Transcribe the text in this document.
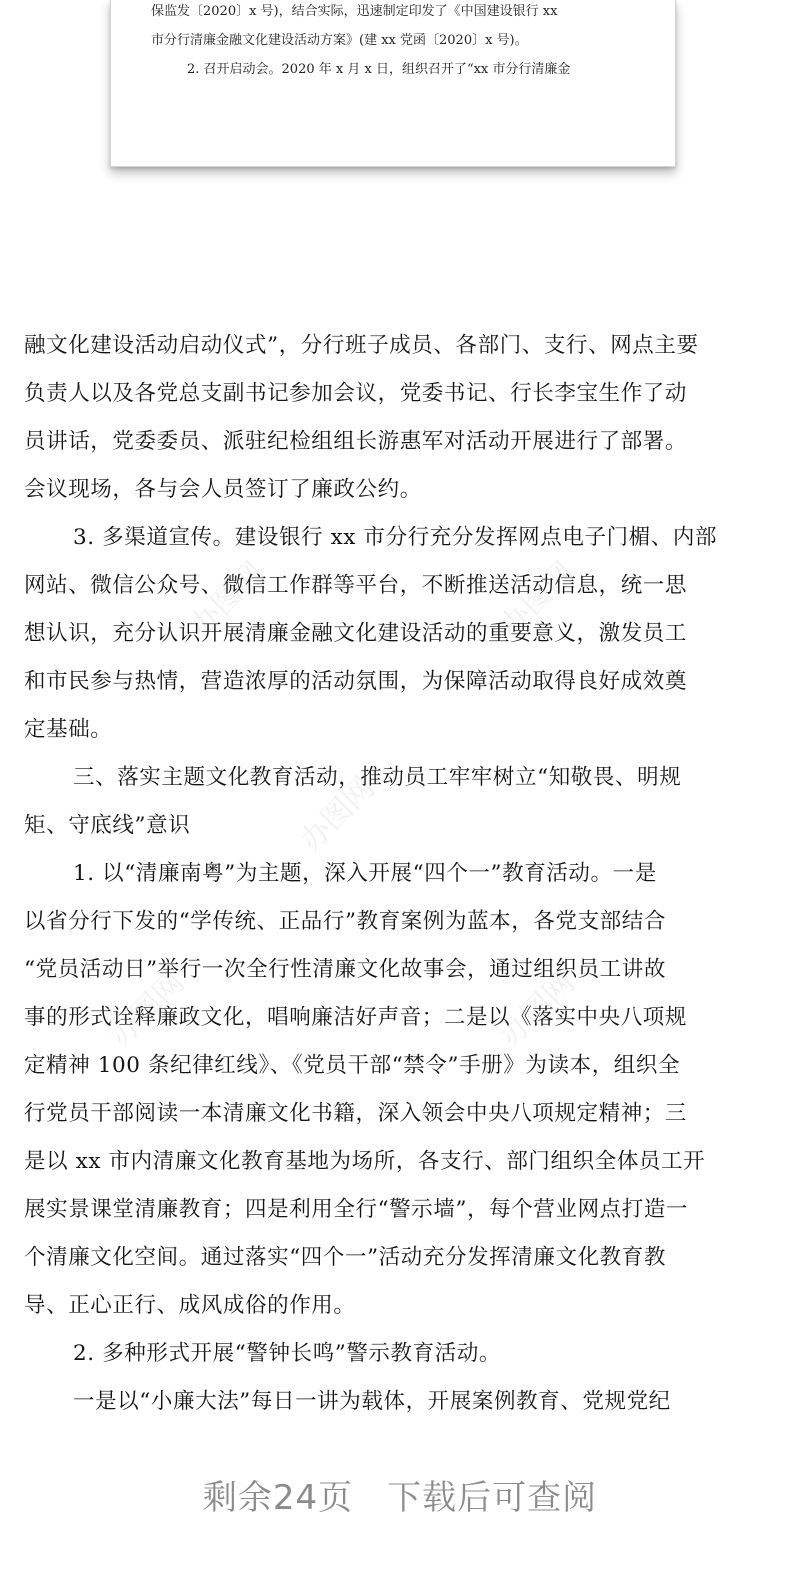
保监发〔2020〕x 号)，结合实际，迅速制定印发了《中国建设银行 xx
市分行清廉金融文化建设活动方案》(建 xx 党函〔2020〕x 号)。
2. 召开启动会。2020 年 x 月 x 日，组织召开了“xx 市分行清廉金
融文化建设活动启动仪式”，分行班子成员、各部门、支行、网点主要
负责人以及各党总支副书记参加会议，党委书记、行长李宝生作了动
员讲话，党委委员、派驻纪检组组长游惠军对活动开展进行了部署。
会议现场，各与会人员签订了廉政公约。
3. 多渠道宣传。建设银行 xx 市分行充分发挥网点电子门楣、内部
网站、微信公众号、微信工作群等平台，不断推送活动信息，统一思
想认识，充分认识开展清廉金融文化建设活动的重要意义，激发员工
和市民参与热情，营造浓厚的活动氛围，为保障活动取得良好成效奠
定基础。
三、落实主题文化教育活动，推动员工牢牢树立“知敬畏、明规
矩、守底线”意识
1. 以“清廉南粤”为主题，深入开展“四个一”教育活动。一是
以省分行下发的“学传统、正品行”教育案例为蓝本，各党支部结合
“党员活动日”举行一次全行性清廉文化故事会，通过组织员工讲故
事的形式诠释廉政文化，唱响廉洁好声音；二是以《落实中央八项规
定精神 100 条纪律红线》、《党员干部“禁令”手册》为读本，组织全
行党员干部阅读一本清廉文化书籍，深入领会中央八项规定精神；三
是以 xx 市内清廉文化教育基地为场所，各支行、部门组织全体员工开
展实景课堂清廉教育；四是利用全行“警示墙”，每个营业网点打造一
个清廉文化空间。通过落实“四个一”活动充分发挥清廉文化教育教
导、正心正行、成风成俗的作用。
2. 多种形式开展“警钟长鸣”警示教育活动。
一是以“小廉大法”每日一讲为载体，开展案例教育、党规党纪
办图网	办图网
办图网
办图网	办图网
剩余24页 下载后可查阅
